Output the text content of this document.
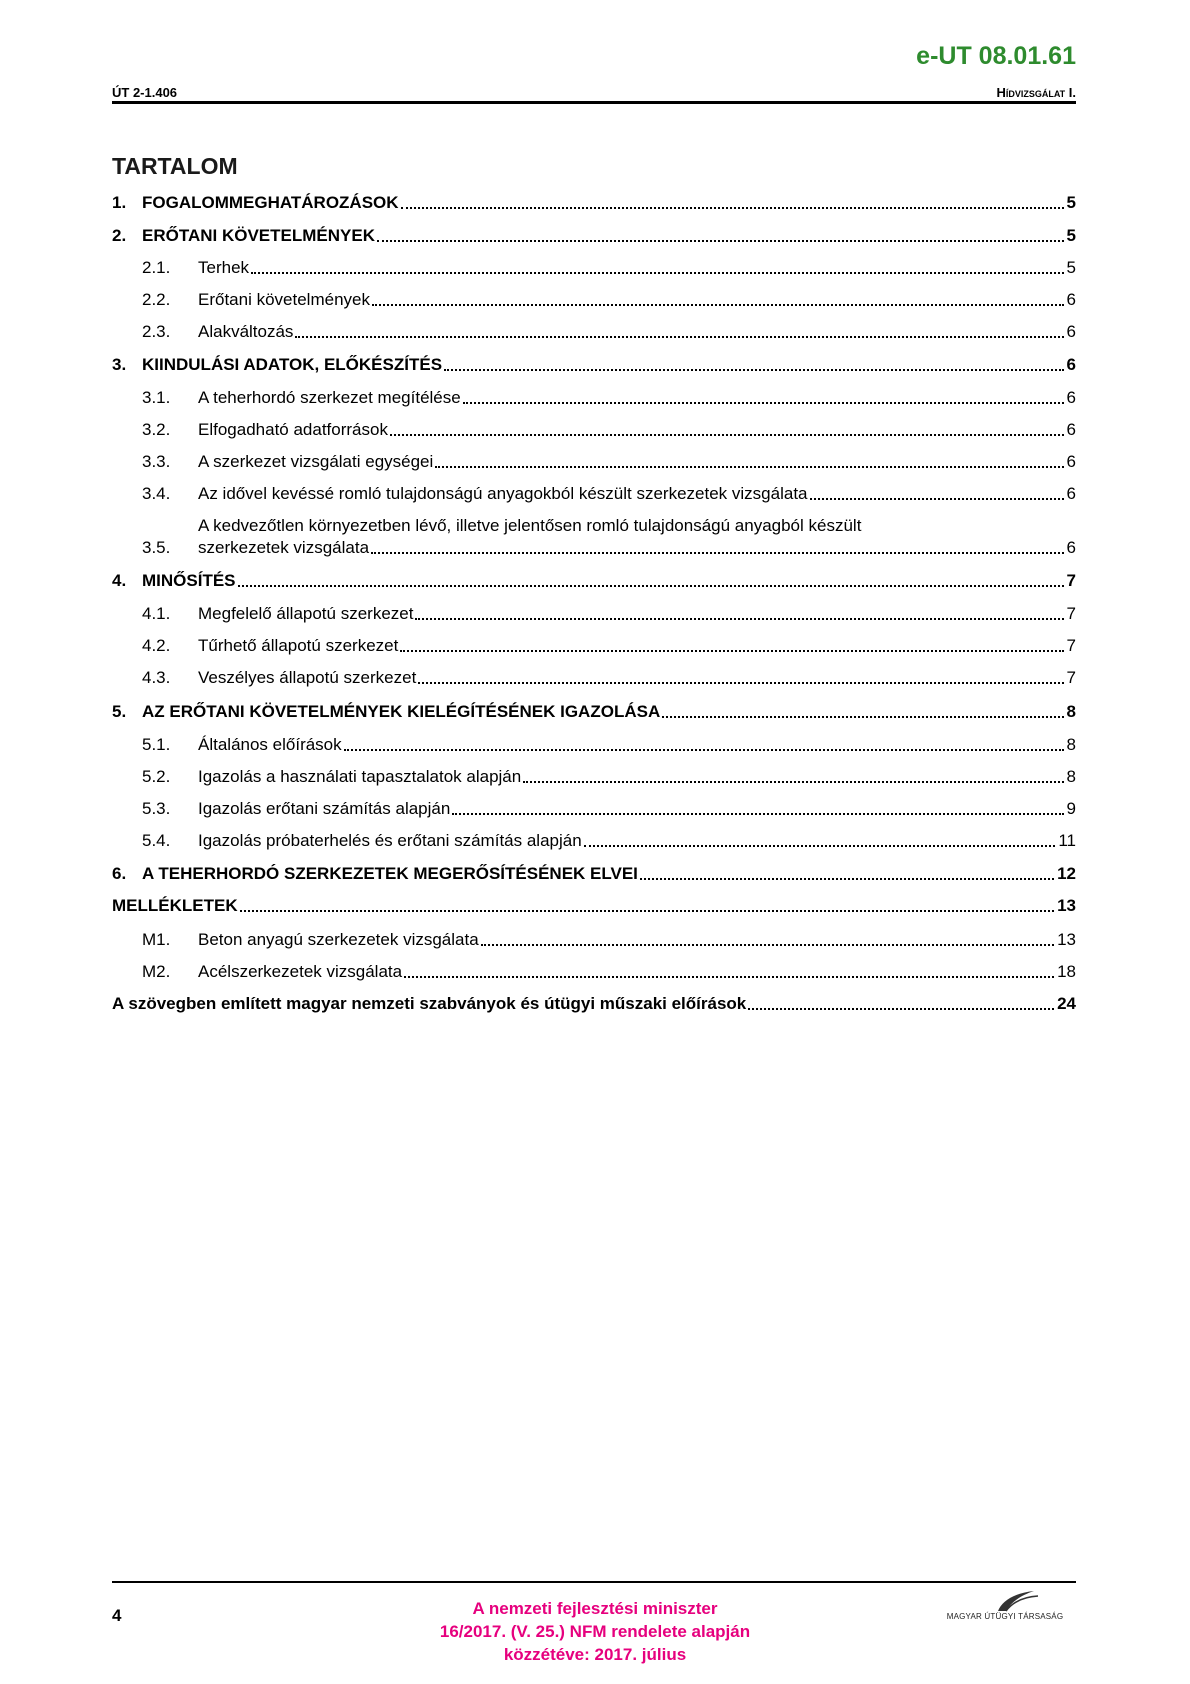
e-UT 08.01.61
ÚT 2-1.406	Hídvizsgálat I.
TARTALOM
1. FOGALOMMEGHATÁROZÁSOK	5
2. ERŐTANI KÖVETELMÉNYEK	5
2.1.	Terhek	5
2.2.	Erőtani követelmények	6
2.3.	Alakváltozás	6
3. KIINDULÁSI ADATOK, ELŐKÉSZÍTÉS	6
3.1.	A teherhordó szerkezet megítélése	6
3.2.	Elfogadható adatforrások	6
3.3.	A szerkezet vizsgálati egységei	6
3.4.	Az idővel kevéssé romló tulajdonságú anyagokból készült szerkezetek vizsgálata	6
3.5.
A kedvezőtlen környezetben lévő, illetve jelentősen romló tulajdonságú anyagból készült
szerkezetek vizsgálata	6
4. MINŐSÍTÉS	7
4.1.	Megfelelő állapotú szerkezet	7
4.2.	Tűrhető állapotú szerkezet	7
4.3.	Veszélyes állapotú szerkezet	7
5. AZ ERŐTANI KÖVETELMÉNYEK KIELÉGÍTÉSÉNEK IGAZOLÁSA	8
5.1.	Általános előírások	8
5.2.	Igazolás a használati tapasztalatok alapján	8
5.3.	Igazolás erőtani számítás alapján	9
5.4.	Igazolás próbaterhelés és erőtani számítás alapján	11
6. A TEHERHORDÓ SZERKEZETEK MEGERŐSÍTÉSÉNEK ELVEI	12
MELLÉKLETEK	13
M1.	Beton anyagú szerkezetek vizsgálata	13
M2.	Acélszerkezetek vizsgálata	18
A szövegben említett magyar nemzeti szabványok és útügyi műszaki előírások	24
4	A nemzeti fejlesztési miniszter
16/2017. (V. 25.) NFM rendelete alapján
közzétéve: 2017. július
MAGYAR ÚTÜGYI TÁRSASÁG
